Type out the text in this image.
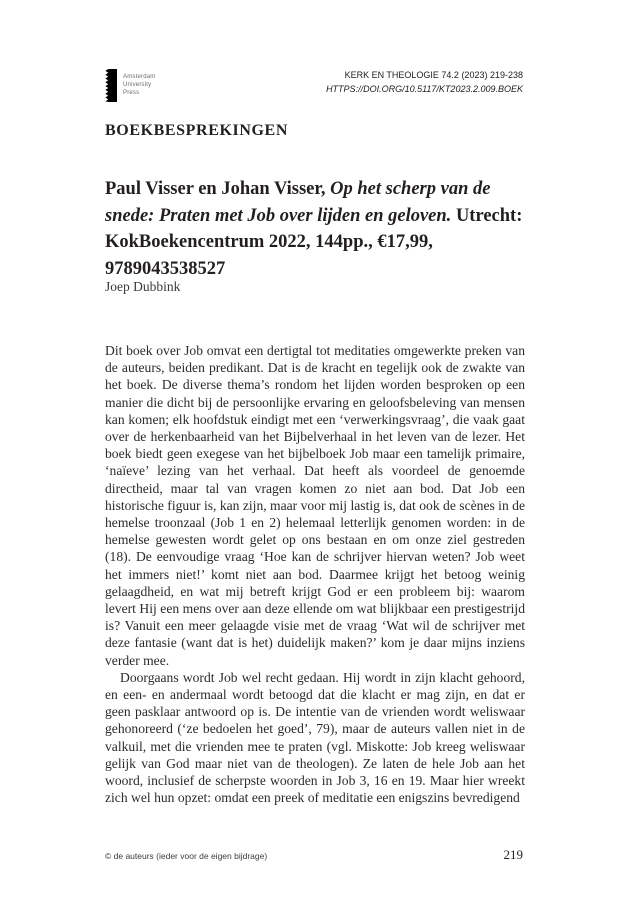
Amsterdam
University
Press
KERK EN THEOLOGIE 74.2 (2023) 219-238
HTTPS://DOI.ORG/10.5117/KT2023.2.009.BOEK
BOEKBESPREKINGEN
Paul Visser en Johan Visser, Op het scherp van de snede: Praten met Job over lijden en geloven. Utrecht: KokBoekencentrum 2022, 144pp., €17,99, 9789043538527
Joep Dubbink

Dit boek over Job omvat een dertigtal tot meditaties omgewerkte preken van de auteurs, beiden predikant. Dat is de kracht en tegelijk ook de zwakte van het boek. De diverse thema’s rondom het lijden worden besproken op een manier die dicht bij de persoonlijke ervaring en geloofsbeleving van mensen kan komen; elk hoofdstuk eindigt met een ‘verwerkingsvraag’, die vaak gaat over de herkenbaarheid van het Bijbelverhaal in het leven van de lezer. Het boek biedt geen exegese van het bijbelboek Job maar een tamelijk primaire, ‘naïeve’ lezing van het verhaal. Dat heeft als voordeel de genoemde directheid, maar tal van vragen komen zo niet aan bod. Dat Job een historische figuur is, kan zijn, maar voor mij lastig is, dat ook de scènes in de hemelse troonzaal (Job 1 en 2) helemaal letterlijk genomen worden: in de hemelse gewesten wordt gelet op ons bestaan en om onze ziel gestreden (18). De eenvoudige vraag ‘Hoe kan de schrijver hiervan weten? Job weet het immers niet!’ komt niet aan bod. Daarmee krijgt het betoog weinig gelaagdheid, en wat mij betreft krijgt God er een probleem bij: waarom levert Hij een mens over aan deze ellende om wat blijkbaar een prestigestrijd is? Vanuit een meer gelaagde visie met de vraag ‘Wat wil de schrijver met deze fantasie (want dat is het) duidelijk maken?’ kom je daar mijns inziens verder mee.

Doorgaans wordt Job wel recht gedaan. Hij wordt in zijn klacht gehoord, en een- en andermaal wordt betoogd dat die klacht er mag zijn, en dat er geen pasklaar antwoord op is. De intentie van de vrienden wordt weliswaar gehonoreerd (‘ze bedoelen het goed’, 79), maar de auteurs vallen niet in de valkuil, met die vrienden mee te praten (vgl. Miskotte: Job kreeg weliswaar gelijk van God maar niet van de theologen). Ze laten de hele Job aan het woord, inclusief de scherpste woorden in Job 3, 16 en 19. Maar hier wreekt zich wel hun opzet: omdat een preek of meditatie een enigszins bevredigend

© de auteurs (ieder voor de eigen bijdrage)	219
